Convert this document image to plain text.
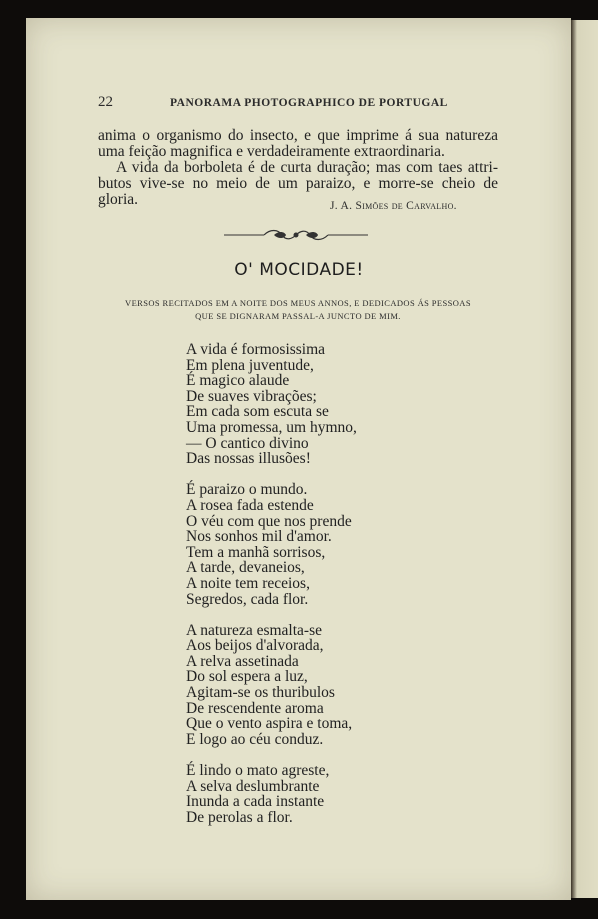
22	PANORAMA PHOTOGRAPHICO DE PORTUGAL

anima o organismo do insecto, e que imprime á sua natureza

uma feição magnifica e verdadeiramente extraordinaria.

A vida da borboleta é de curta duração; mas com taes attri-

butos vive-se no meio de um paraizo, e morre-se cheio de gloria.	J. A. Simões de Carvalho.
O' MOCIDADE!
VERSOS RECITADOS EM A NOITE DOS MEUS ANNOS, E DEDICADOS ÁS PESSOAS
QUE SE DIGNARAM PASSAL-A JUNCTO DE MIM.
A vida é formosissima
Em plena juventude,
É magico alaude
De suaves vibrações;
Em cada som escuta se
Uma promessa, um hymno,
— O cantico divino
Das nossas illusões!
É paraizo o mundo.
A rosea fada estende
O véu com que nos prende
Nos sonhos mil d'amor.
Tem a manhã sorrisos,
A tarde, devaneios,
A noite tem receios,
Segredos, cada flor.
A natureza esmalta-se
Aos beijos d'alvorada,
A relva assetinada
Do sol espera a luz,
Agitam-se os thuribulos
De rescendente aroma
Que o vento aspira e toma,
E logo ao céu conduz.
É lindo o mato agreste,
A selva deslumbrante
Inunda a cada instante
De perolas a flor.
